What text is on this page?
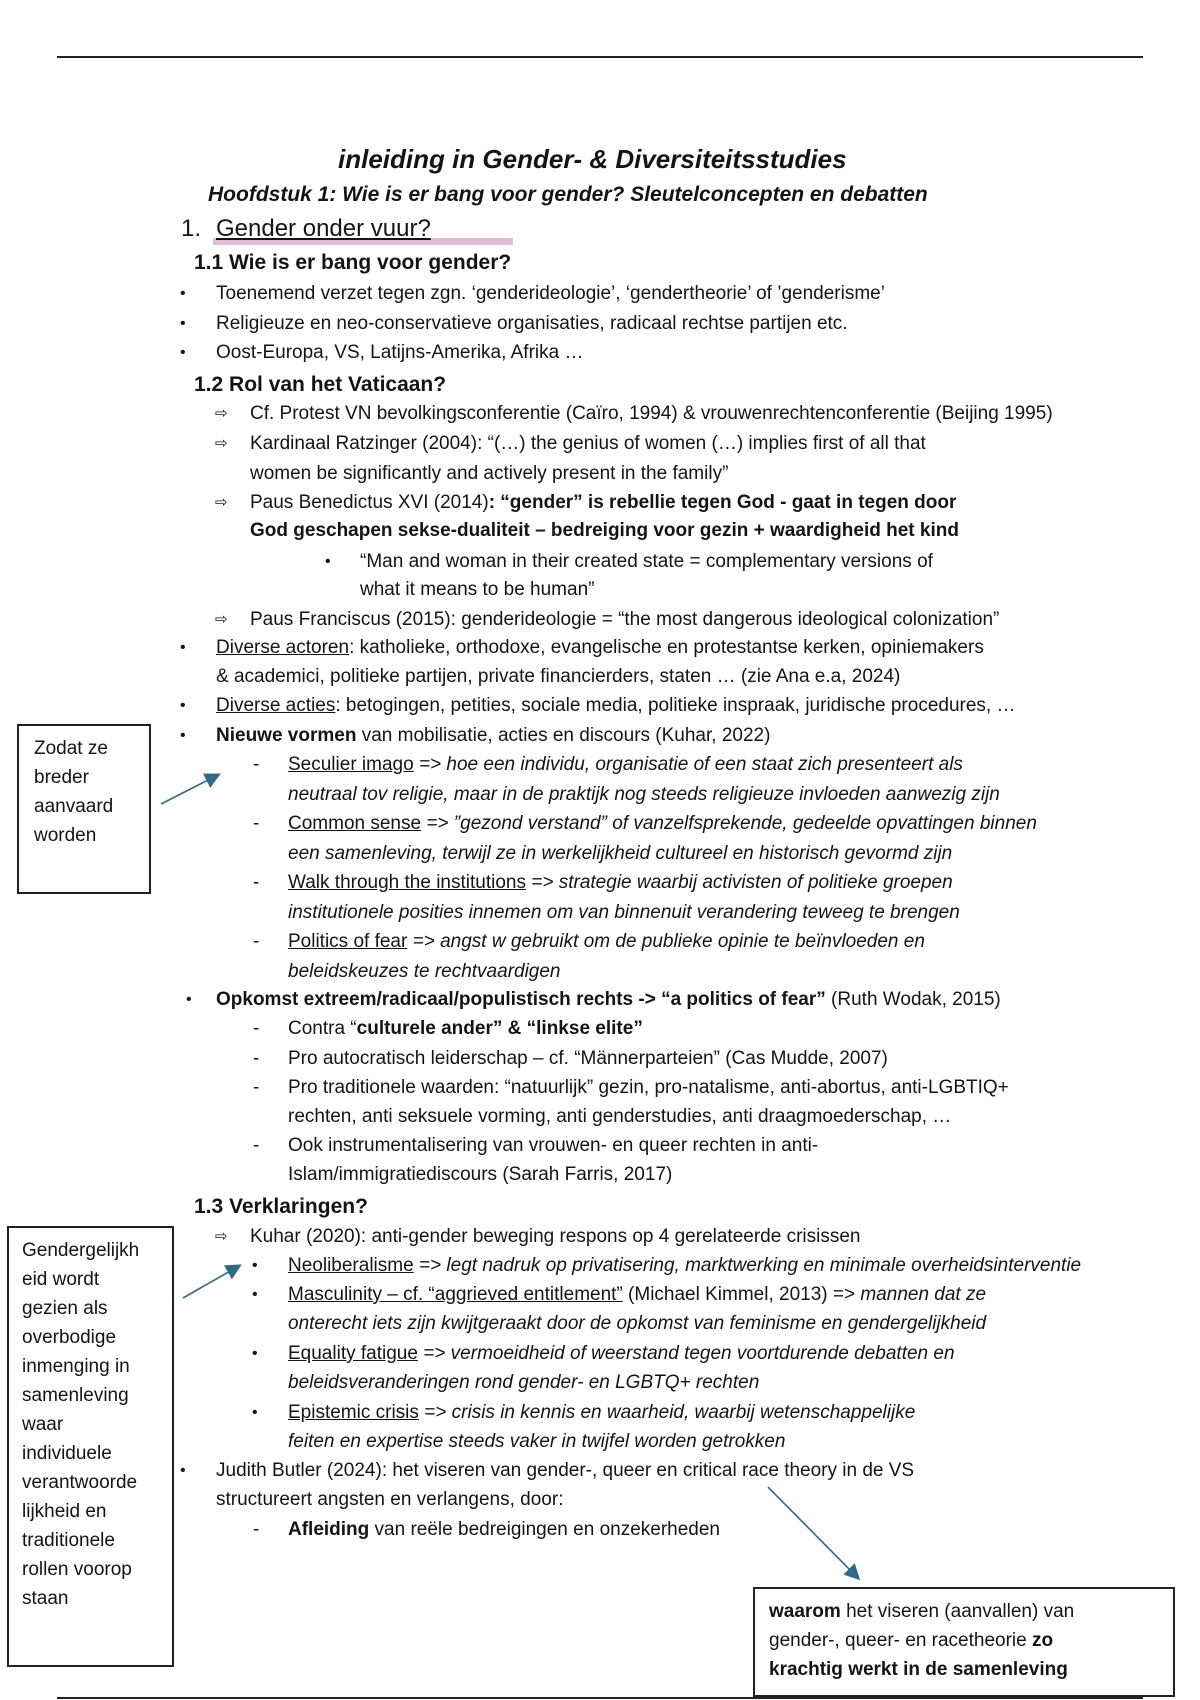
inleiding in Gender- & Diversiteitsstudies
Hoofdstuk 1: Wie is er bang voor gender? Sleutelconcepten en debatten
1. Gender onder vuur?
1.1 Wie is er bang voor gender?
• Toenemend verzet tegen zgn. ‘genderideologie’, ‘gendertheorie’ of ’genderisme’
• Religieuze en neo-conservatieve organisaties, radicaal rechtse partijen etc.
• Oost-Europa, VS, Latijns-Amerika, Afrika …
1.2 Rol van het Vaticaan?
⇨ Cf. Protest VN bevolkingsconferentie (Caïro, 1994) & vrouwenrechtenconferentie (Beijing 1995)
⇨ Kardinaal Ratzinger (2004): “(…) the genius of women (…) implies first of all that
women be significantly and actively present in the family”
⇨ Paus Benedictus XVI (2014): “gender” is rebellie tegen God - gaat in tegen door
God geschapen sekse-dualiteit – bedreiging voor gezin + waardigheid het kind
• “Man and woman in their created state = complementary versions of
what it means to be human”
⇨ Paus Franciscus (2015): genderideologie = “the most dangerous ideological colonization”
• Diverse actoren: katholieke, orthodoxe, evangelische en protestantse kerken, opiniemakers
& academici, politieke partijen, private financierders, staten … (zie Ana e.a, 2024)
• Diverse acties: betogingen, petities, sociale media, politieke inspraak, juridische procedures, …
• Nieuwe vormen van mobilisatie, acties en discours (Kuhar, 2022)
- Seculier imago => hoe een individu, organisatie of een staat zich presenteert als
neutraal tov religie, maar in de praktijk nog steeds religieuze invloeden aanwezig zijn
- Common sense => ”gezond verstand” of vanzelfsprekende, gedeelde opvattingen binnen
een samenleving, terwijl ze in werkelijkheid cultureel en historisch gevormd zijn
- Walk through the institutions => strategie waarbij activisten of politieke groepen
institutionele posities innemen om van binnenuit verandering teweeg te brengen
- Politics of fear => angst w gebruikt om de publieke opinie te beïnvloeden en
beleidskeuzes te rechtvaardigen
• Opkomst extreem/radicaal/populistisch rechts -> “a politics of fear” (Ruth Wodak, 2015)
- Contra “culturele ander” & “linkse elite”
- Pro autocratisch leiderschap – cf. “Männerparteien” (Cas Mudde, 2007)
- Pro traditionele waarden: “natuurlijk” gezin, pro-natalisme, anti-abortus, anti-LGBTIQ+
rechten, anti seksuele vorming, anti genderstudies, anti draagmoederschap, …
- Ook instrumentalisering van vrouwen- en queer rechten in anti-
Islam/immigratiediscours (Sarah Farris, 2017)
1.3 Verklaringen?
⇨ Kuhar (2020): anti-gender beweging respons op 4 gerelateerde crisissen
• Neoliberalisme => legt nadruk op privatisering, marktwerking en minimale overheidsinterventie
• Masculinity – cf. “aggrieved entitlement” (Michael Kimmel, 2013) => mannen dat ze
onterecht iets zijn kwijtgeraakt door de opkomst van feminisme en gendergelijkheid
• Equality fatigue => vermoeidheid of weerstand tegen voortdurende debatten en
beleidsveranderingen rond gender- en LGBTQ+ rechten
• Epistemic crisis => crisis in kennis en waarheid, waarbij wetenschappelijke
feiten en expertise steeds vaker in twijfel worden getrokken
• Judith Butler (2024): het viseren van gender-, queer en critical race theory in de VS
structureert angsten en verlangens, door:
- Afleiding van reële bedreigingen en onzekerheden
Zodat ze
breder
aanvaard
worden
Gendergelijkh
eid wordt
gezien als
overbodige
inmenging in
samenleving
waar
individuele
verantwoorde
lijkheid en
traditionele
rollen voorop
staan
waarom het viseren (aanvallen) van
gender-, queer- en racetheorie zo
krachtig werkt in de samenleving
